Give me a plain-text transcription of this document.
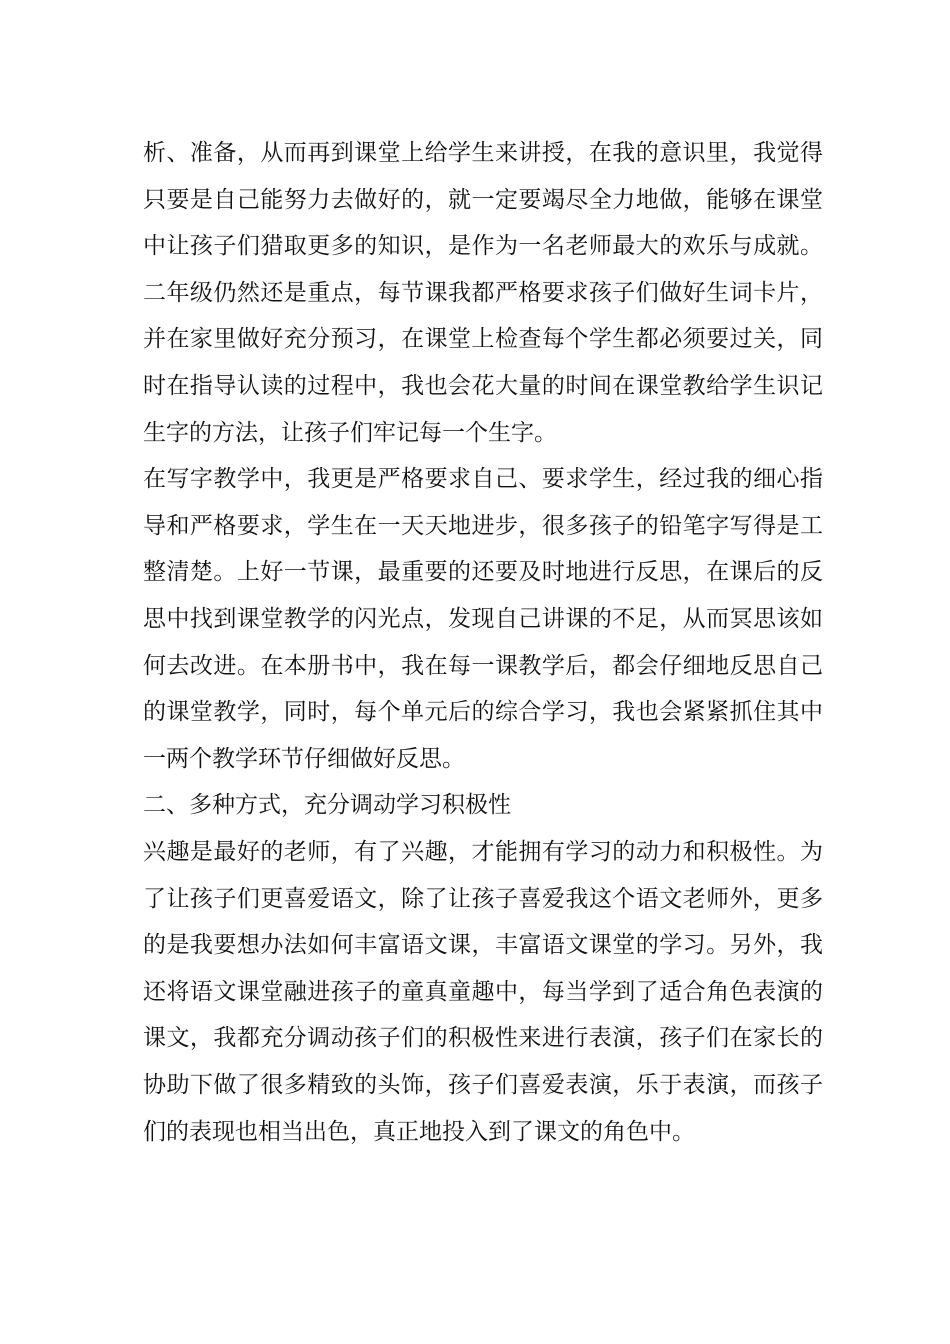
析、准备，从而再到课堂上给学生来讲授，在我的意识里，我觉得
只要是自己能努力去做好的，就一定要竭尽全力地做，能够在课堂
中让孩子们猎取更多的知识，是作为一名老师最大的欢乐与成就。
二年级仍然还是重点，每节课我都严格要求孩子们做好生词卡片，
并在家里做好充分预习，在课堂上检查每个学生都必须要过关，同
时在指导认读的过程中，我也会花大量的时间在课堂教给学生识记
生字的方法，让孩子们牢记每一个生字。
在写字教学中，我更是严格要求自己、要求学生，经过我的细心指
导和严格要求，学生在一天天地进步，很多孩子的铅笔字写得是工
整清楚。上好一节课，最重要的还要及时地进行反思，在课后的反
思中找到课堂教学的闪光点，发现自己讲课的不足，从而冥思该如
何去改进。在本册书中，我在每一课教学后，都会仔细地反思自己
的课堂教学，同时，每个单元后的综合学习，我也会紧紧抓住其中
一两个教学环节仔细做好反思。
二、多种方式，充分调动学习积极性
兴趣是最好的老师，有了兴趣，才能拥有学习的动力和积极性。为
了让孩子们更喜爱语文，除了让孩子喜爱我这个语文老师外，更多
的是我要想办法如何丰富语文课，丰富语文课堂的学习。另外，我
还将语文课堂融进孩子的童真童趣中，每当学到了适合角色表演的
课文，我都充分调动孩子们的积极性来进行表演，孩子们在家长的
协助下做了很多精致的头饰，孩子们喜爱表演，乐于表演，而孩子
们的表现也相当出色，真正地投入到了课文的角色中。
